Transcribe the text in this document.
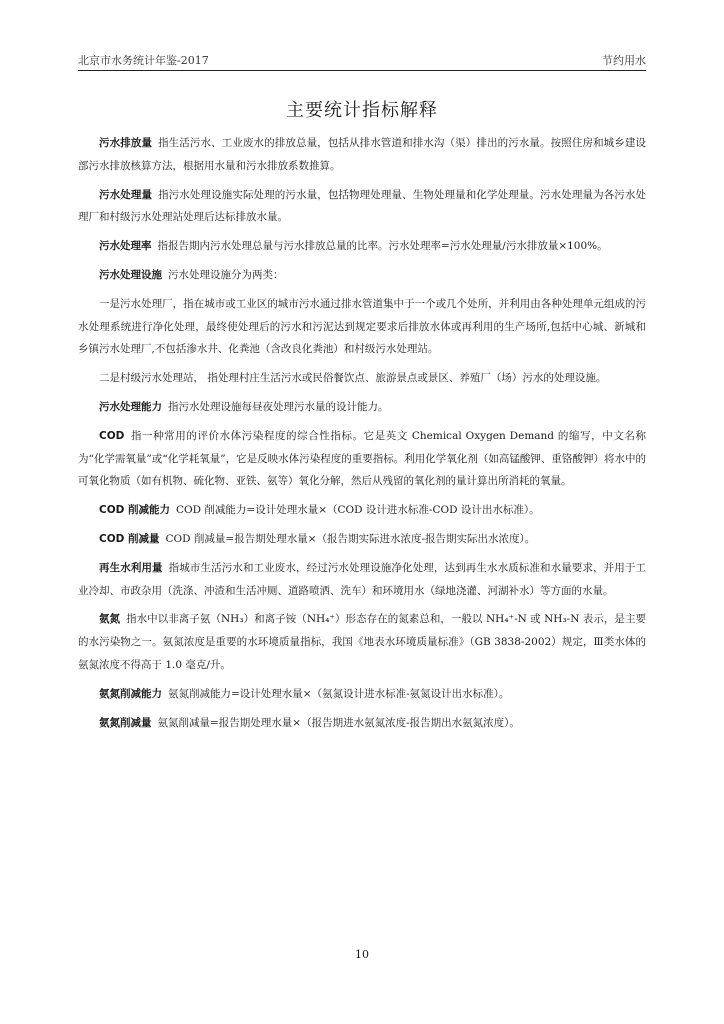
北京市水务统计年鉴-2017	节约用水
主要统计指标解释

污水排放量 指生活污水、工业废水的排放总量，包括从排水管道和排水沟（渠）排出的污水量。按照住房和城乡建设部污水排放核算方法，根据用水量和污水排放系数推算。

污水处理量 指污水处理设施实际处理的污水量，包括物理处理量、生物处理量和化学处理量。污水处理量为各污水处理厂和村级污水处理站处理后达标排放水量。

污水处理率 指报告期内污水处理总量与污水排放总量的比率。污水处理率=污水处理量/污水排放量×100%。

污水处理设施 污水处理设施分为两类：

一是污水处理厂，指在城市或工业区的城市污水通过排水管道集中于一个或几个处所，并利用由各种处理单元组成的污水处理系统进行净化处理，最终使处理后的污水和污泥达到规定要求后排放水体或再利用的生产场所,包括中心城、新城和乡镇污水处理厂,不包括渗水井、化粪池（含改良化粪池）和村级污水处理站。

二是村级污水处理站， 指处理村庄生活污水或民俗餐饮点、旅游景点或景区、养殖厂（场）污水的处理设施。

污水处理能力 指污水处理设施每昼夜处理污水量的设计能力。

COD 指一种常用的评价水体污染程度的综合性指标。它是英文 Chemical Oxygen Demand 的缩写，中文名称为“化学需氧量”或“化学耗氧量”，它是反映水体污染程度的重要指标。利用化学氧化剂（如高锰酸钾、重铬酸钾）将水中的可氧化物质（如有机物、硫化物、亚铁、氨等）氧化分解，然后从残留的氧化剂的量计算出所消耗的氧量。

COD 削减能力 COD 削减能力=设计处理水量×（COD 设计进水标准-COD 设计出水标准）。

COD 削减量 COD 削减量=报告期处理水量×（报告期实际进水浓度-报告期实际出水浓度）。

再生水利用量 指城市生活污水和工业废水，经过污水处理设施净化处理，达到再生水水质标准和水量要求，并用于工业冷却、市政杂用（洗涤、冲渣和生活冲厕、道路喷洒、洗车）和环境用水（绿地浇灌、河湖补水）等方面的水量。

氨氮 指水中以非离子氨（NH₃）和离子铵（NH₄⁺）形态存在的氮素总和，一般以 NH₄⁺-N 或 NH₃-N 表示，是主要的水污染物之一。氨氮浓度是重要的水环境质量指标，我国《地表水环境质量标准》（GB 3838-2002）规定，Ⅲ类水体的氨氮浓度不得高于 1.0 毫克/升。

氨氮削减能力 氨氮削减能力=设计处理水量×（氨氮设计进水标准-氨氮设计出水标准）。

氨氮削减量 氨氮削减量=报告期处理水量×（报告期进水氨氮浓度-报告期出水氨氮浓度）。

10
